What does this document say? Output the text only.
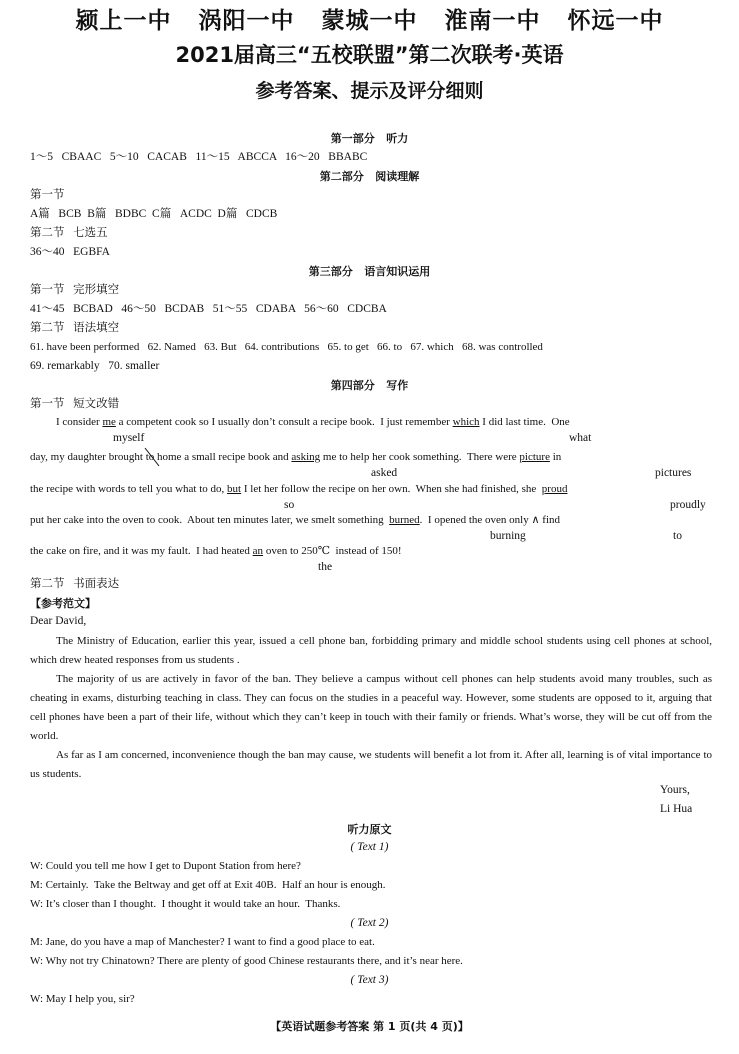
颍上一中   涡阳一中   蒙城一中   淮南一中   怀远一中
2021届高三“五校联盟”第二次联考·英语
参考答案、提示及评分细则
第一部分   听力
1～5   CBAAC   5～10   CACAB   11～15   ABCCA   16～20   BBABC
第二部分   阅读理解
第一节
A篇   BCB  B篇   BDBC  C篇   ACDC  D篇   CDCB
第二节   七选五
36～40   EGBFA
第三部分   语言知识运用
第一节   完形填空
41～45   BCBAD   46～50   BCDAB   51～55   CDABA   56～60   CDCBA
第二节   语法填空
61. have been performed   62. Named   63. But   64. contributions   65. to get   66. to   67. which   68. was controlled
69. remarkably   70. smaller
第四部分   写作
第一节   短文改错
I consider me a competent cook so I usually don’t consult a recipe book.  I just remember which I did last time.  One
myself	what
day, my daughter brought to
home a small recipe book and asking me to help her cook something.  There were picture in
asked	pictures
the recipe with words to tell you what to do, but I let her follow the recipe on her own.  When she had finished, she  proud
so	proudly
put her cake into the oven to cook.  About ten minutes later, we smelt something  burned.  I opened the oven only ∧ find
burning	to
the cake on fire, and it was my fault.  I had heated an oven to 250℃  instead of 150!
the
第二节   书面表达
【参考范文】
Dear David,
The Ministry of Education, earlier this year, issued a cell phone ban, forbidding primary and middle school students using cell phones at school, which drew heated responses from us students .
The majority of us are actively in favor of the ban. They believe a campus without cell phones can help students avoid many troubles, such as cheating in exams, disturbing teaching in class. They can focus on the studies in a peaceful way. However, some students are opposed to it, arguing that cell phones have been a part of their life, without which they can’t keep in touch with their family or friends. What’s worse, they will be cut off from the world.
As far as I am concerned, inconvenience though the ban may cause, we students will benefit a lot from it. After all, learning is of vital importance to us students.
Yours,
Li Hua
听力原文
( Text 1)
W: Could you tell me how I get to Dupont Station from here?
M: Certainly.  Take the Beltway and get off at Exit 40B.  Half an hour is enough.
W: It’s closer than I thought.  I thought it would take an hour.  Thanks.
( Text 2)
M: Jane, do you have a map of Manchester? I want to find a good place to eat.
W: Why not try Chinatown? There are plenty of good Chinese restaurants there, and it’s near here.
( Text 3)
W: May I help you, sir?
【英语试题参考答案 第 1 页(共 4 页)】
